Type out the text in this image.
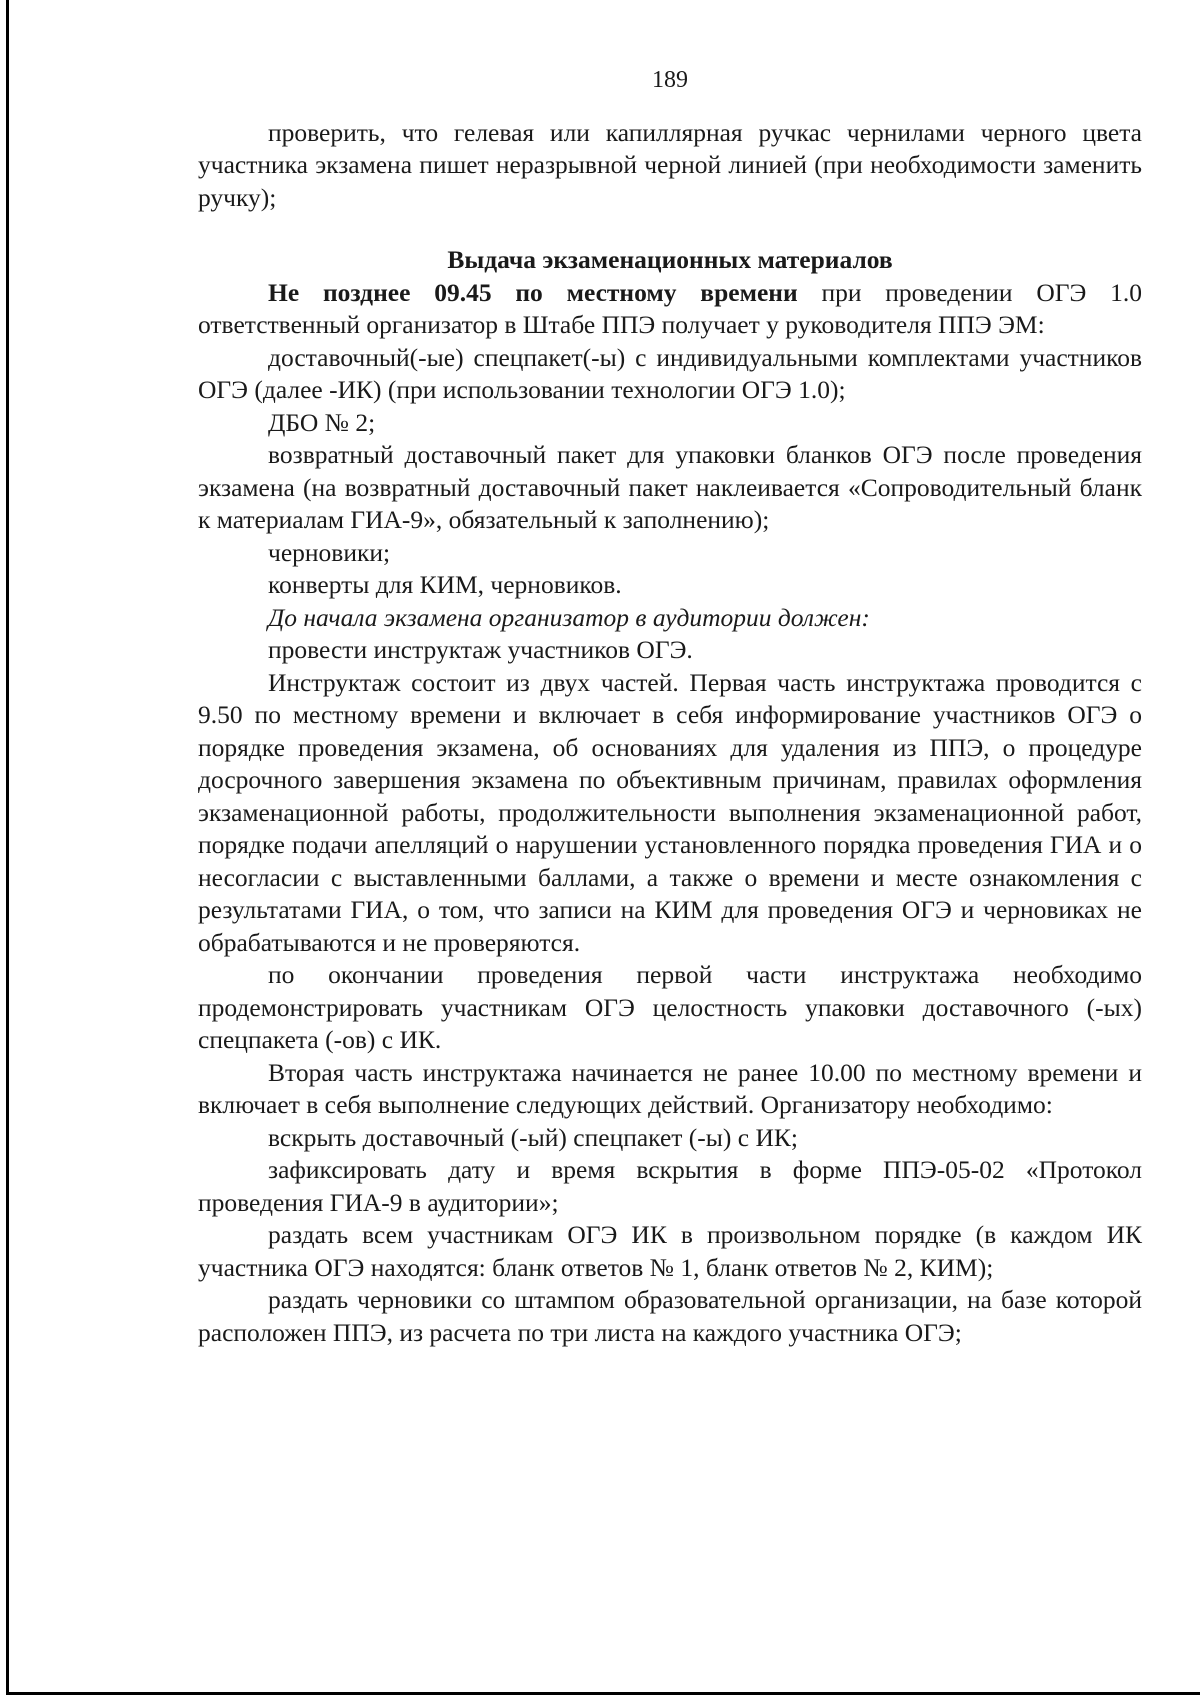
189

проверить, что гелевая или капиллярная ручкас чернилами черного цвета участника экзамена пишет неразрывной черной линией (при необходимости заменить ручку);

Выдача экзаменационных материалов

Не позднее 09.45 по местному времени при проведении ОГЭ 1.0 ответственный организатор в Штабе ППЭ получает у руководителя ППЭ ЭМ:

доставочный(-ые) спецпакет(-ы) с индивидуальными комплектами участников ОГЭ (далее -ИК) (при использовании технологии ОГЭ 1.0);

ДБО № 2;

возвратный доставочный пакет для упаковки бланков ОГЭ после проведения экзамена (на возвратный доставочный пакет наклеивается «Сопроводительный бланк к материалам ГИА-9», обязательный к заполнению);

черновики;

конверты для КИМ, черновиков.

До начала экзамена организатор в аудитории должен:

провести инструктаж участников ОГЭ.

Инструктаж состоит из двух частей. Первая часть инструктажа проводится с 9.50 по местному времени и включает в себя информирование участников ОГЭ о порядке проведения экзамена, об основаниях для удаления из ППЭ, о процедуре досрочного завершения экзамена по объективным причинам, правилах оформления экзаменационной работы, продолжительности выполнения экзаменационной работ, порядке подачи апелляций о нарушении установленного порядка проведения ГИА и о несогласии с выставленными баллами, а также о времени и месте ознакомления с результатами ГИА, о том, что записи на КИМ для проведения ОГЭ и черновиках не обрабатываются и не проверяются.

по окончании проведения первой части инструктажа необходимо продемонстрировать участникам ОГЭ целостность упаковки доставочного (-ых) спецпакета (-ов) с ИК.

Вторая часть инструктажа начинается не ранее 10.00 по местному времени и включает в себя выполнение следующих действий. Организатору необходимо:

вскрыть доставочный (-ый) спецпакет (-ы) с ИК;

зафиксировать дату и время вскрытия в форме ППЭ-05-02 «Протокол проведения ГИА-9 в аудитории»;

раздать всем участникам ОГЭ ИК в произвольном порядке (в каждом ИК участника ОГЭ находятся: бланк ответов № 1, бланк ответов № 2, КИМ);

раздать черновики со штампом образовательной организации, на базе которой расположен ППЭ, из расчета по три листа на каждого участника ОГЭ;
